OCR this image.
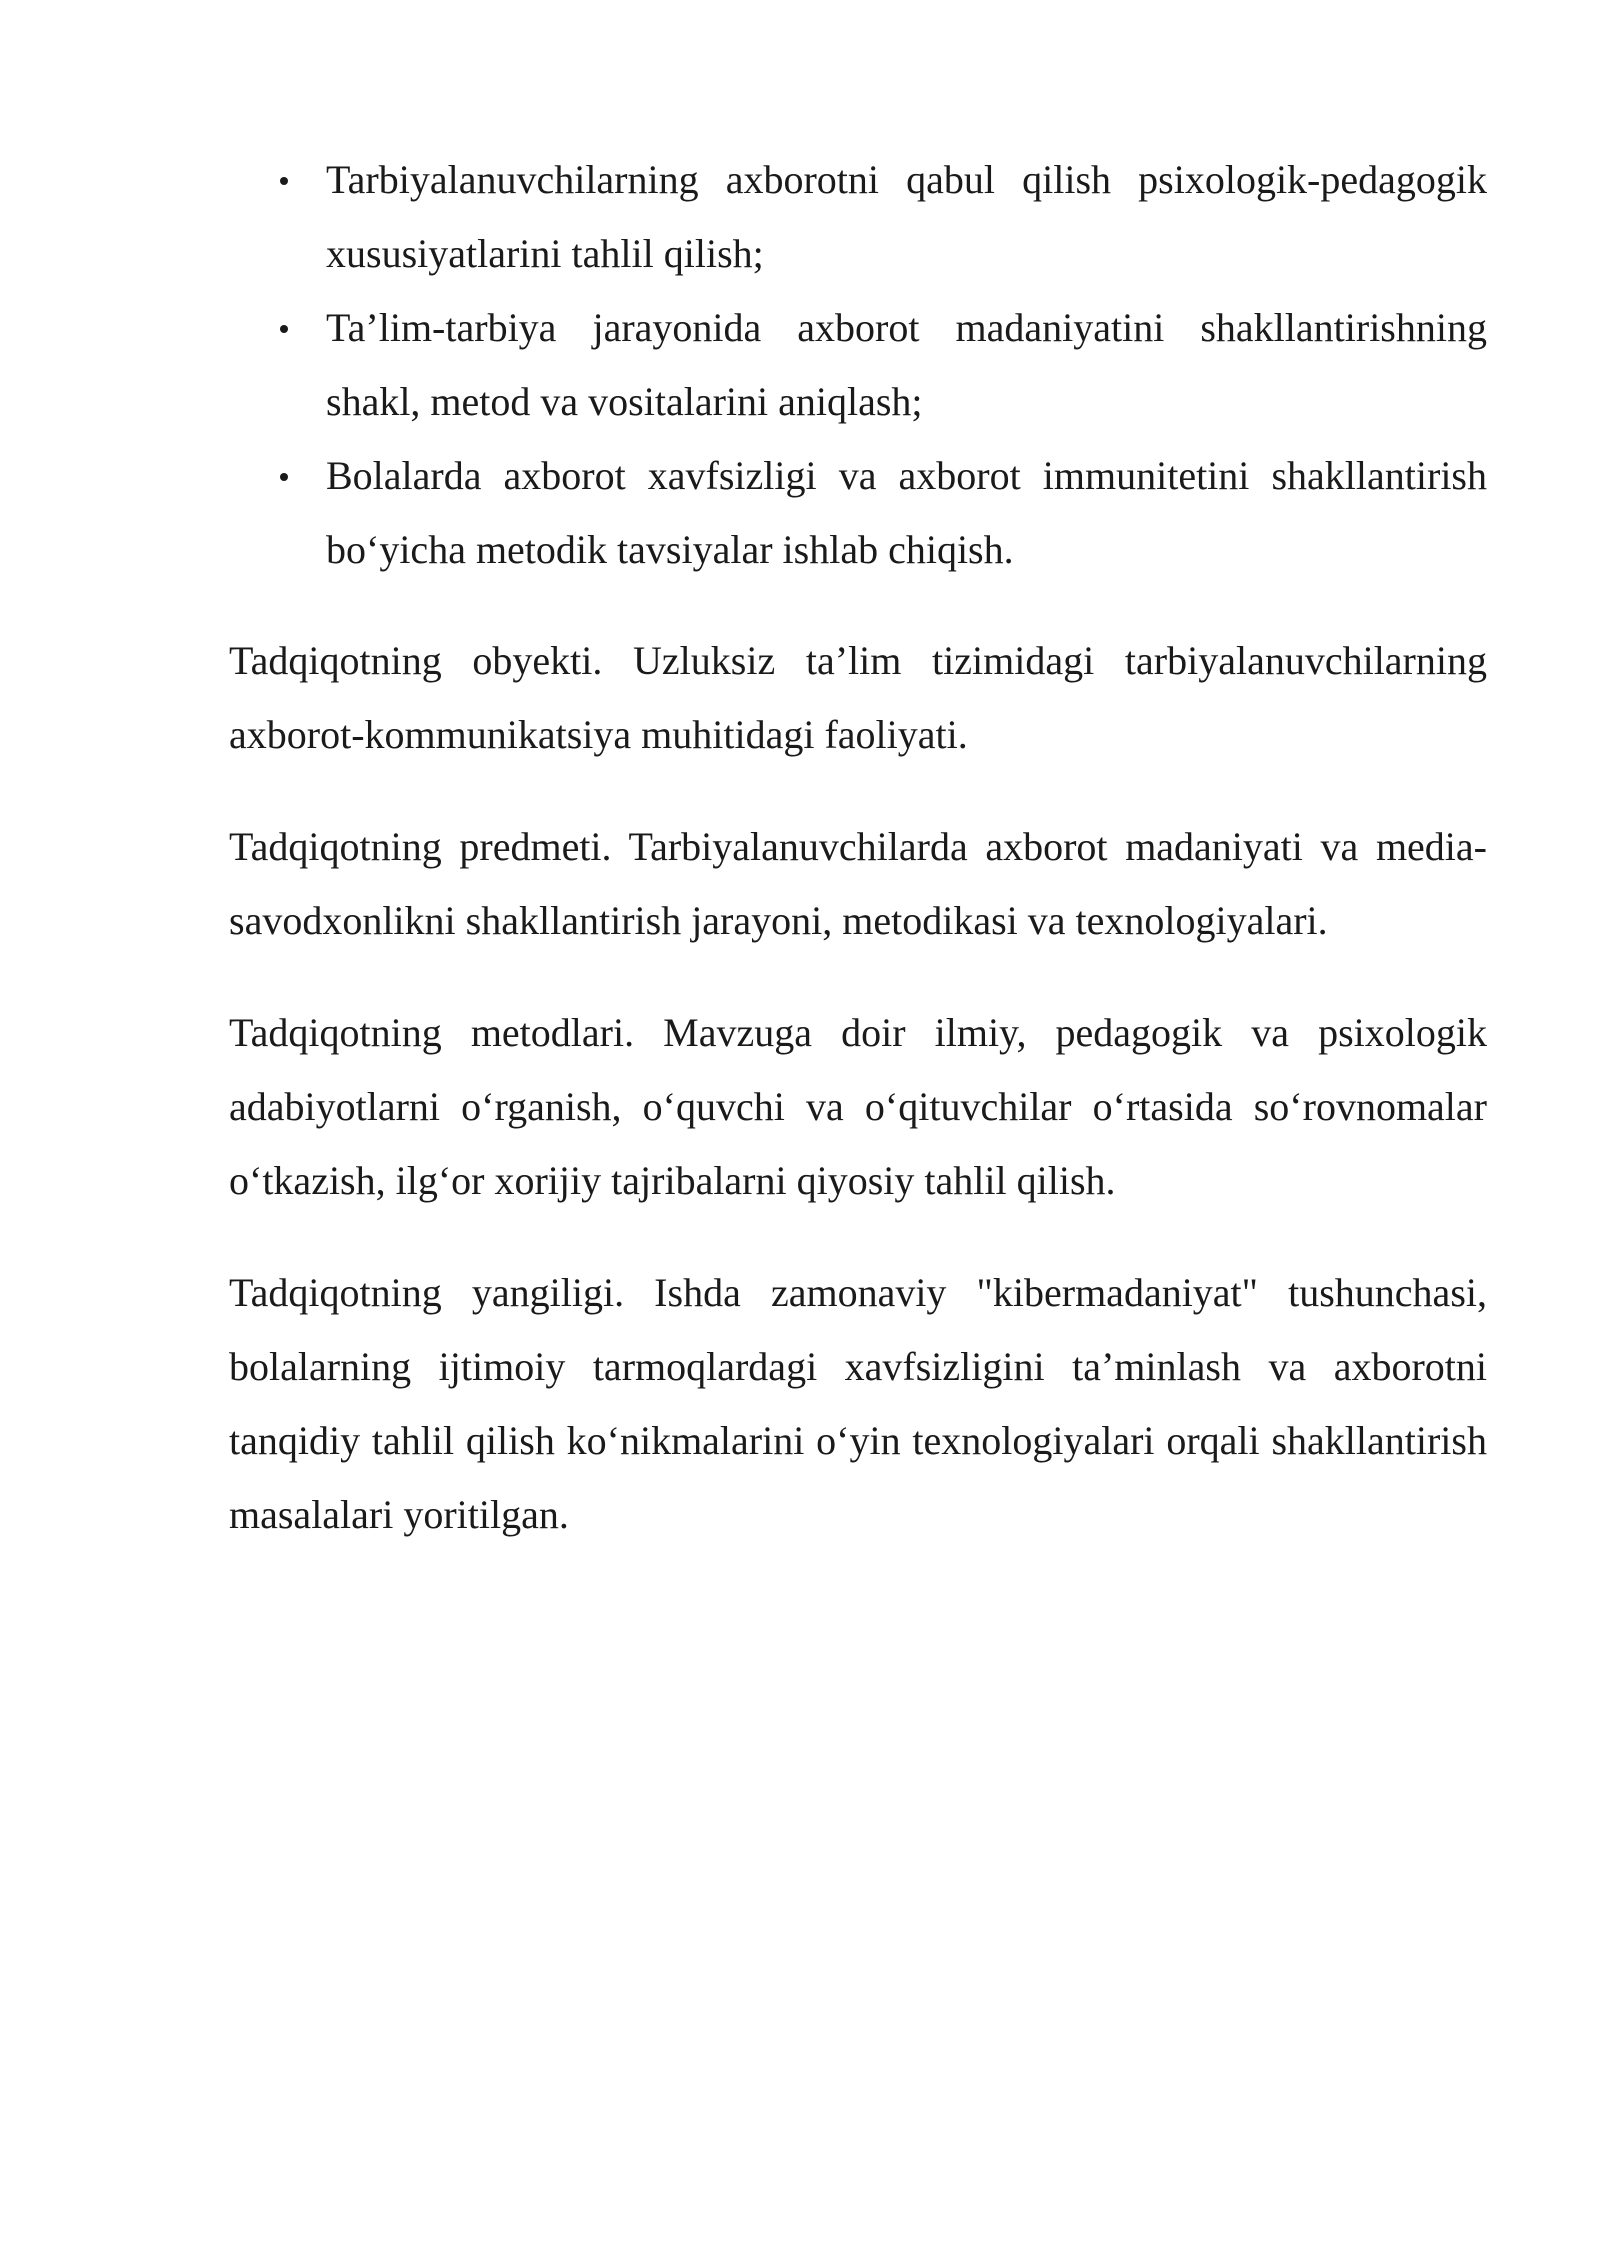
Tarbiyalanuvchilarning axborotni qabul qilish psixologik-pedagogik xususiyatlarini tahlil qilish;
Ta’lim-tarbiya jarayonida axborot madaniyatini shakllantirishning shakl, metod va vositalarini aniqlash;
Bolalarda axborot xavfsizligi va axborot immunitetini shakllantirish bo‘yicha metodik tavsiyalar ishlab chiqish.

Tadqiqotning obyekti. Uzluksiz ta’lim tizimidagi tarbiyalanuvchilarning axborot-kommunikatsiya muhitidagi faoliyati.

Tadqiqotning predmeti. Tarbiyalanuvchilarda axborot madaniyati va media-savodxonlikni shakllantirish jarayoni, metodikasi va texnologiyalari.

Tadqiqotning metodlari. Mavzuga doir ilmiy, pedagogik va psixologik adabiyotlarni o‘rganish, o‘quvchi va o‘qituvchilar o‘rtasida so‘rovnomalar o‘tkazish, ilg‘or xorijiy tajribalarni qiyosiy tahlil qilish.

Tadqiqotning yangiligi. Ishda zamonaviy "kibermadaniyat" tushunchasi, bolalarning ijtimoiy tarmoqlardagi xavfsizligini ta’minlash va axborotni tanqidiy tahlil qilish ko‘nikmalarini o‘yin texnologiyalari orqali shakllantirish masalalari yoritilgan.
